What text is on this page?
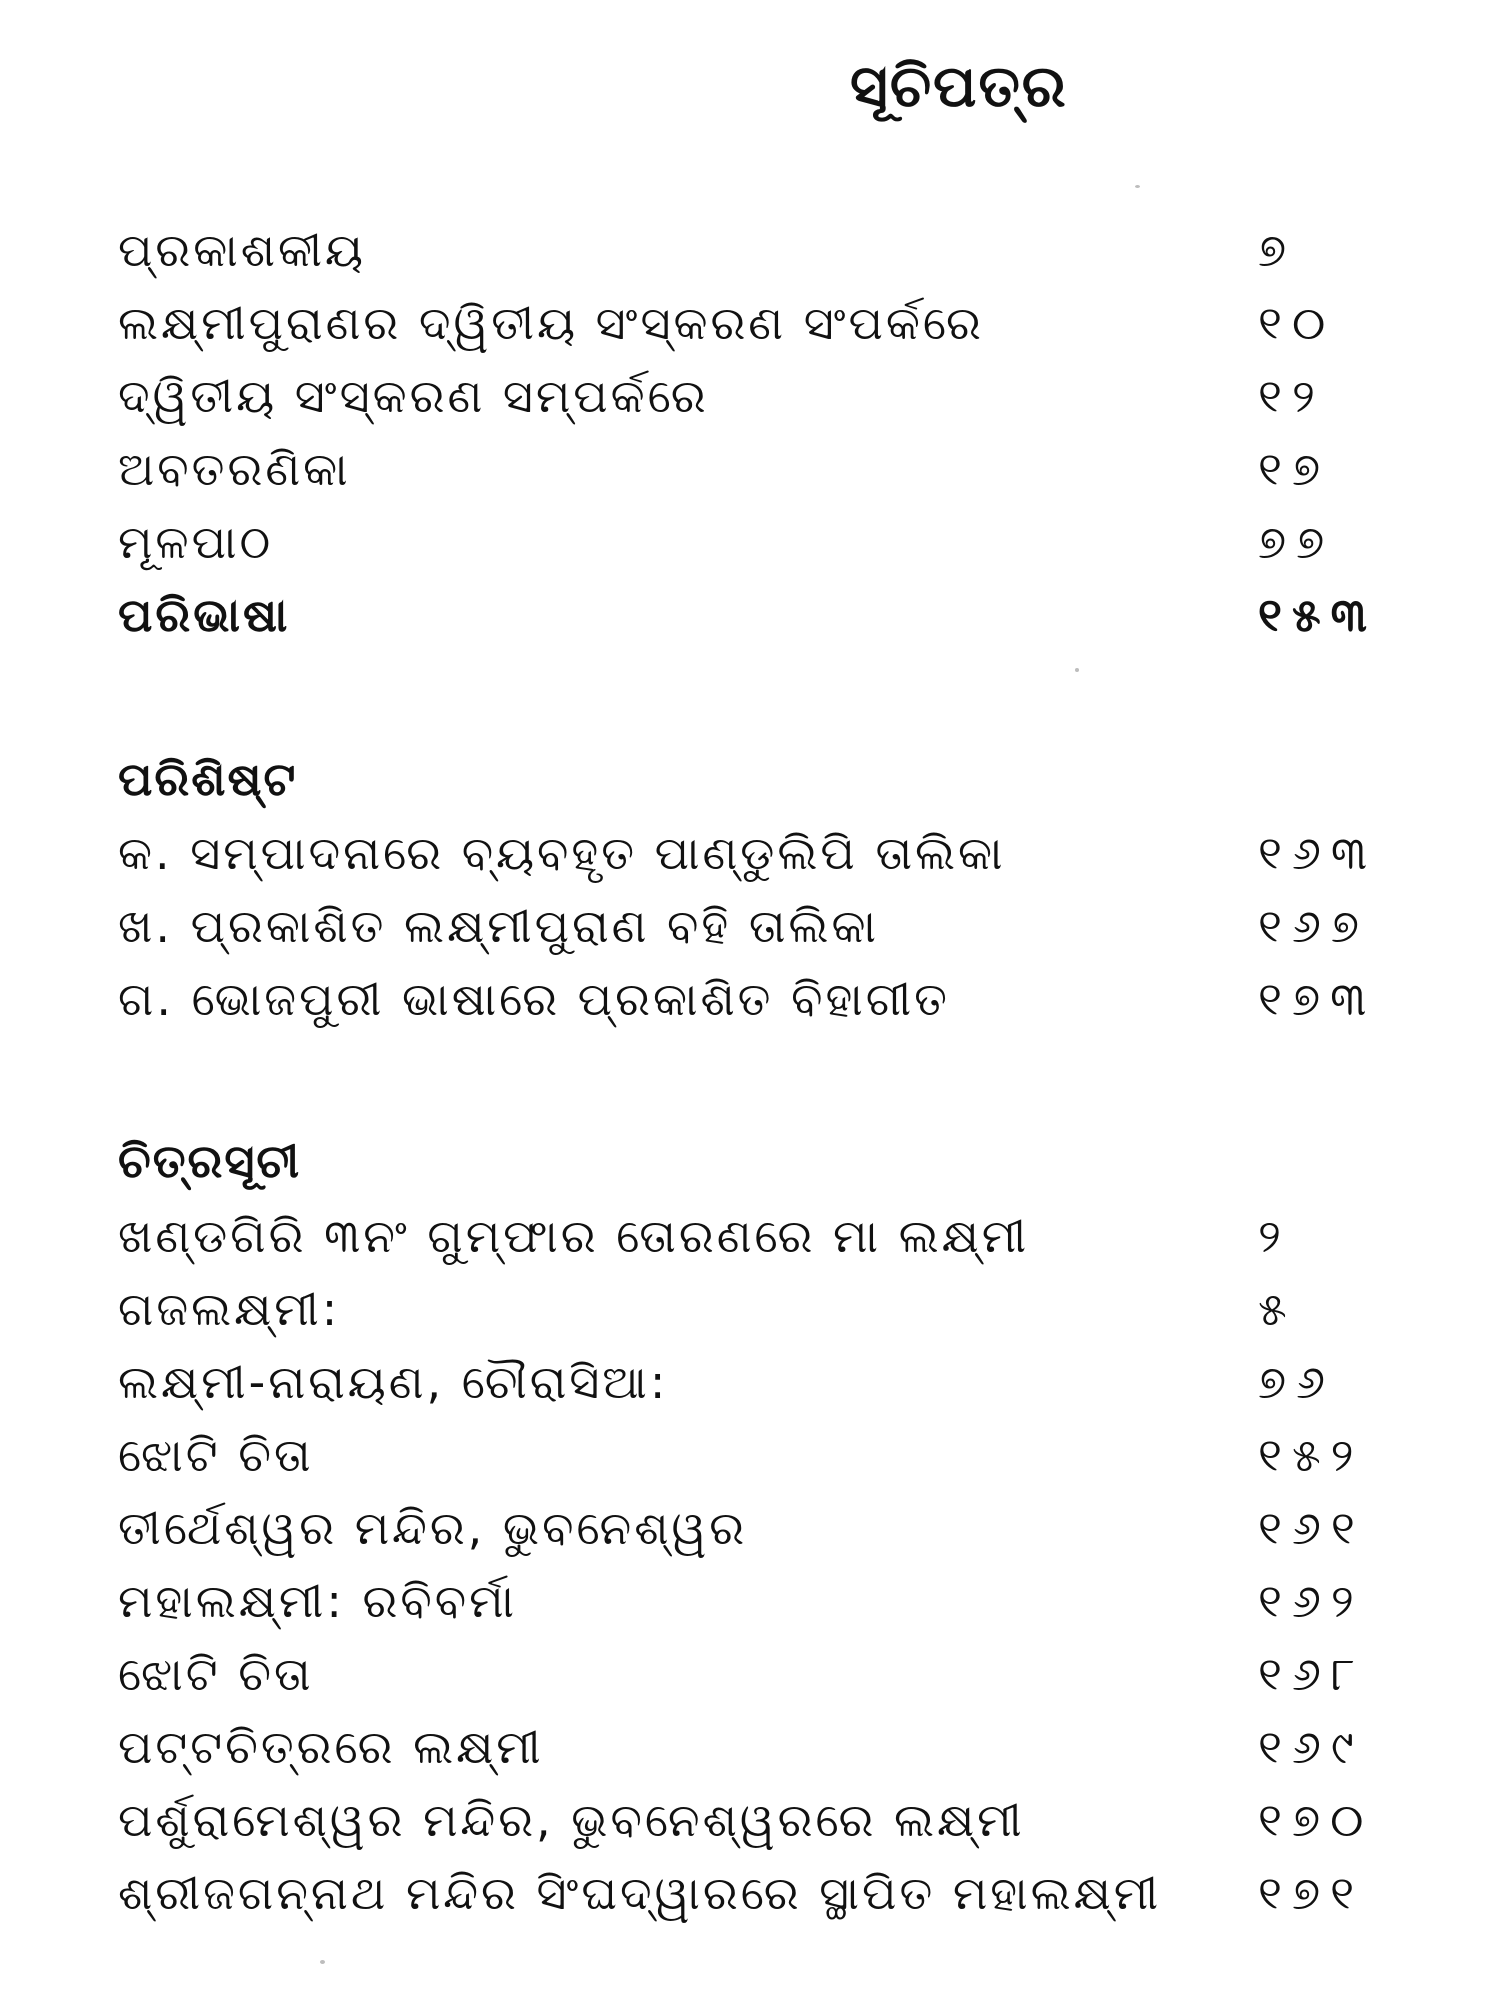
ସୂଚିପତ୍ର
ପ୍ରକାଶକୀୟ	୭
ଲକ୍ଷ୍ମୀପୁରାଣର ଦ୍ୱିତୀୟ ସଂସ୍କରଣ ସଂପର୍କରେ	୧୦
ଦ୍ୱିତୀୟ ସଂସ୍କରଣ ସମ୍ପର୍କରେ	୧୨
ଅବତରଣିକା	୧୭
ମୂଳପାଠ	୭୭
ପରିଭାଷା	୧୫୩
ପରିଶିଷ୍ଟ
କ. ସମ୍ପାଦନାରେ ବ୍ୟବହୃତ ପାଣ୍ଡୁଲିପି ତାଲିକା	୧୬୩
ଖ. ପ୍ରକାଶିତ ଲକ୍ଷ୍ମୀପୁରାଣ ବହି ତାଲିକା	୧୬୭
ଗ. ଭୋଜପୁରୀ ଭାଷାରେ ପ୍ରକାଶିତ ବିହାଗୀତ	୧୭୩
ଚିତ୍ରସୂଚୀ
ଖଣ୍ଡଗିରି ୩ନଂ ଗୁମ୍ଫାର ତୋରଣରେ ମା ଲକ୍ଷ୍ମୀ	୨
ଗଜଲକ୍ଷ୍ମୀ:	୫
ଲକ୍ଷ୍ମୀ-ନାରାୟଣ, ଚୌରାସିଆ:	୭୬
ଝୋଟି ଚିତା	୧୫୨
ତୀର୍ଥେଶ୍ୱର ମନ୍ଦିର, ଭୁବନେଶ୍ୱର	୧୬୧
ମହାଲକ୍ଷ୍ମୀ: ରବିବର୍ମା	୧୬୨
ଝୋଟି ଚିତା	୧୬୮
ପଟ୍ଟଚିତ୍ରରେ ଲକ୍ଷ୍ମୀ	୧୬୯
ପର୍ଶୁରାମେଶ୍ୱର ମନ୍ଦିର, ଭୁବନେଶ୍ୱରରେ ଲକ୍ଷ୍ମୀ	୧୭୦
ଶ୍ରୀଜଗନ୍ନାଥ ମନ୍ଦିର ସିଂଘଦ୍ୱାରରେ ସ୍ଥାପିତ ମହାଲକ୍ଷ୍ମୀ ୧୭୧
